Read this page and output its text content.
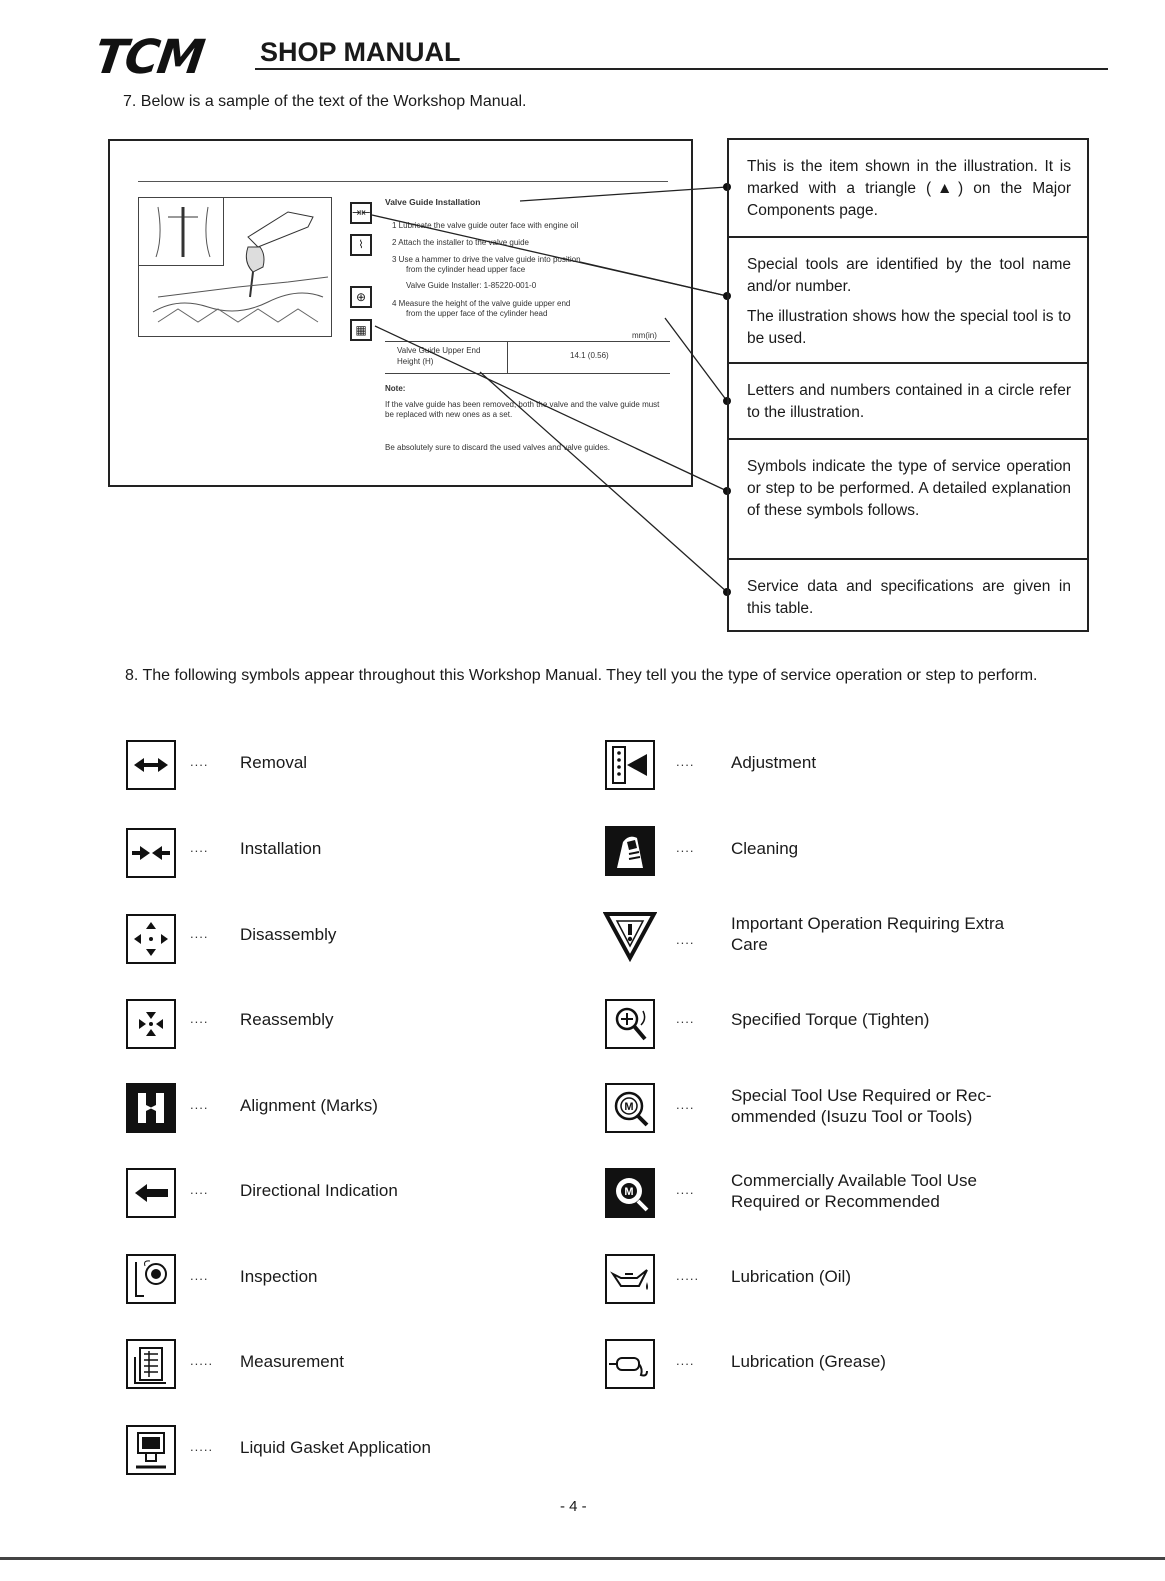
TCM SHOP MANUAL
7. Below is a sample of the text of the Workshop Manual.
⇥⇤
⌇
⊕
▦
Valve Guide Installation
1 Lubricate the valve guide outer face with engine oil
2 Attach the installer to the valve guide
3 Use a hammer to drive the valve guide into position
from the cylinder head upper face
Valve Guide Installer: 1-85220-001-0
4 Measure the height of the valve guide upper end
from the upper face of the cylinder head
mm(in)
Valve Guide Upper End
Height (H)
14.1 (0.56)
Note:
If the valve guide has been removed, both the valve and the valve guide must be replaced with new ones as a set.
Be absolutely sure to discard the used valves and valve guides.
This is the item shown in the illustration. It is marked with a triangle (▲) on the Major Components page.
Special tools are identified by the tool name and/or number.
The illustration shows how the special tool is to be used.
Letters and numbers contained in a circle refer to the illustration.
Symbols indicate the type of service operation or step to be performed. A detailed explanation of these symbols follows.
Service data and specifications are given in this table.
8. The following symbols appear throughout this Workshop Manual. They tell you the type of service operation or step to perform.
.... Removal
.... Installation
.... Disassembly
.... Reassembly
.... Alignment (Marks)
.... Directional Indication
.... Inspection
..... Measurement
..... Liquid Gasket Application
.... Adjustment
.... Cleaning
....
Important Operation Requiring Extra
Care
.... Specified Torque (Tighten)
M	.... Special Tool Use Required or Rec-
ommended (Isuzu Tool or Tools)
M	.... Commercially Available Tool Use
Required or Recommended
..... Lubrication (Oil)
.... Lubrication (Grease)
- 4 -
